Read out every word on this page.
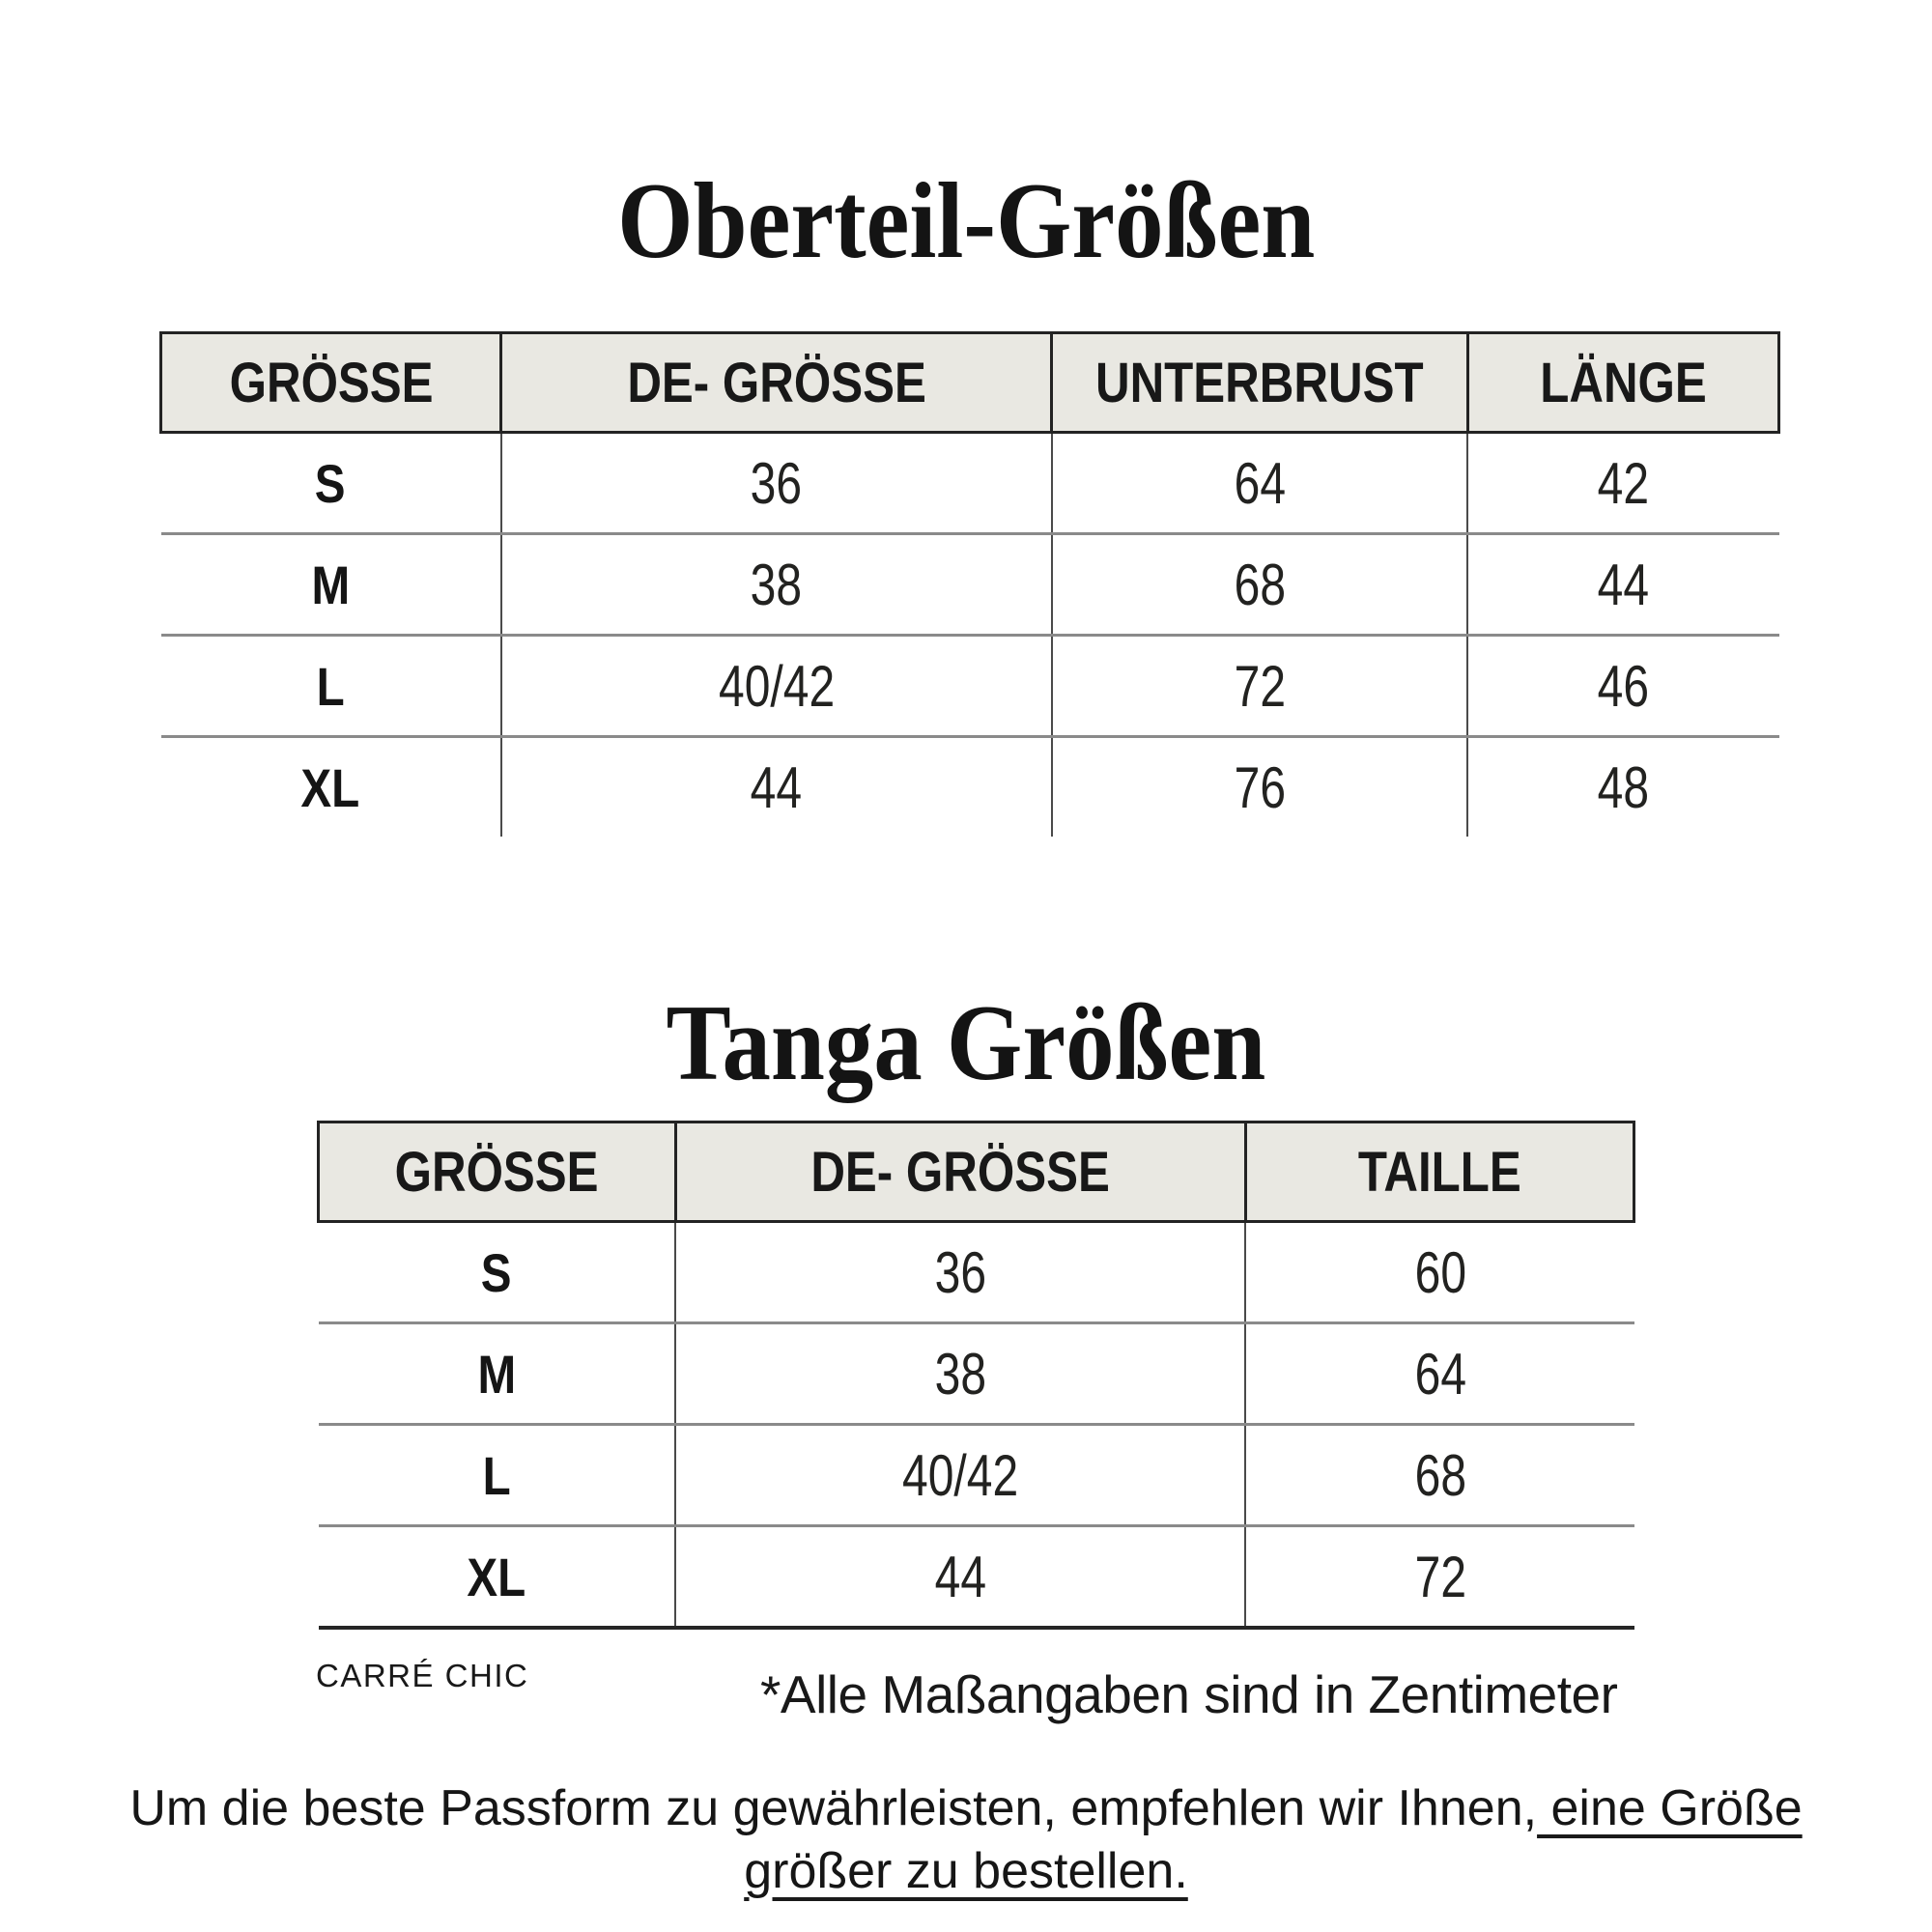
Oberteil-Größen
GRÖSSE	DE- GRÖSSE	UNTERBRUST	LÄNGE
S	36	64	42
M	38	68	44
L	40/42	72	46
XL	44	76	48
Tanga Größen
GRÖSSE	DE- GRÖSSE	TAILLE
S	36	60
M	38	64
L	40/42	68
XL	44	72
CARRÉ CHIC	*Alle Maßangaben sind in Zentimeter

Um die beste Passform zu gewährleisten, empfehlen wir Ihnen, eine Größe
größer zu bestellen.
